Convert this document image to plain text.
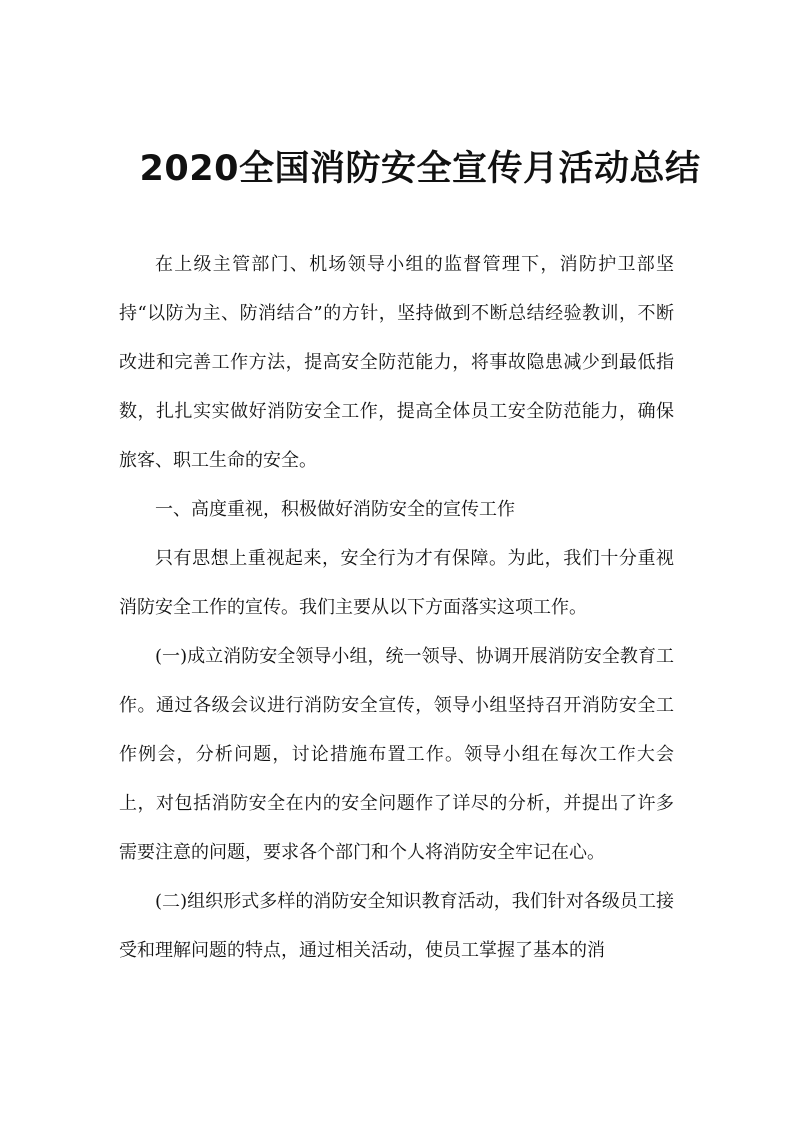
2020全国消防安全宣传月活动总结

在上级主管部门、机场领导小组的监督管理下，消防护卫部坚持“以防为主、防消结合”的方针，坚持做到不断总结经验教训，不断改进和完善工作方法，提高安全防范能力，将事故隐患减少到最低指数，扎扎实实做好消防安全工作，提高全体员工安全防范能力，确保旅客、职工生命的安全。

一、高度重视，积极做好消防安全的宣传工作

只有思想上重视起来，安全行为才有保障。为此，我们十分重视消防安全工作的宣传。我们主要从以下方面落实这项工作。

(一)成立消防安全领导小组，统一领导、协调开展消防安全教育工作。通过各级会议进行消防安全宣传，领导小组坚持召开消防安全工作例会，分析问题，讨论措施布置工作。领导小组在每次工作大会上，对包括消防安全在内的安全问题作了详尽的分析，并提出了许多需要注意的问题，要求各个部门和个人将消防安全牢记在心。

(二)组织形式多样的消防安全知识教育活动，我们针对各级员工接受和理解问题的特点，通过相关活动，使员工掌握了基本的消
